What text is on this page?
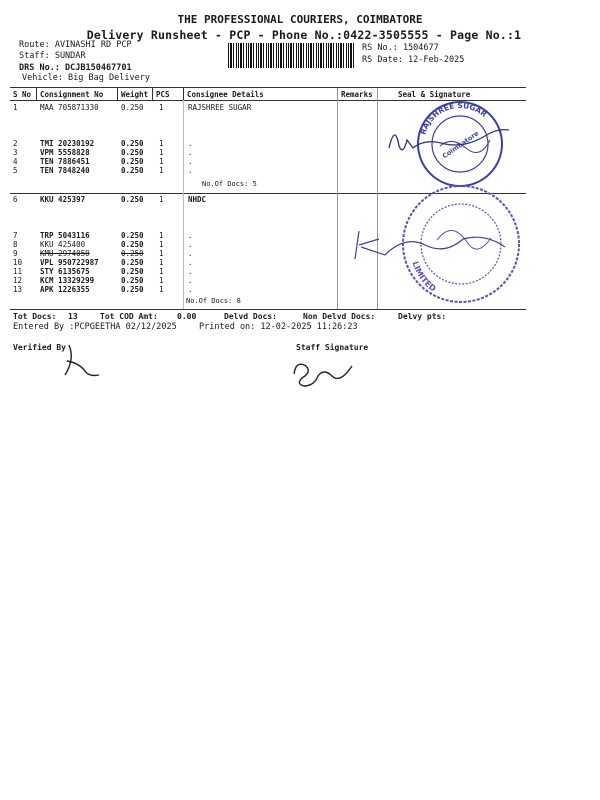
THE PROFESSIONAL COURIERS, COIMBATORE
Delivery Runsheet - PCP - Phone No.:0422-3505555 - Page No.:1
Route: AVINASHI RD PCP
Staff: SUNDAR
DRS No.: DCJB150467701
Vehicle: Big Bag Delivery
RS No.: 1504677
RS Date: 12-Feb-2025
S No Consignment No Weight PCS Consignee Details	Remarks	Seal & Signature
1	MAA 705871330	0.250 1	RAJSHREE SUGAR
2	TMI 20230192	0.250 1	.
3	VPM 5558828	0.250 1	.
4	TEN 7886451	0.250 1	.
5	TEN 7848240	0.250 1	.
No.Of Docs: 5
6	KKU 425397	0.250 1	NHDC
7	TRP 5043116	0.250 1	.
8	KKU 425400	0.250 1	.
9	KMU 2974050	0.250 1	.
10 VPL 950722987	0.250 1	.
11 STY 6135675	0.250 1	.
12 KCM 13329299	0.250 1	.
13 APK 1226355	0.250 1	.
No.Of Docs: 8
RAJSHREE SUGAR
Coimbatore
LIMITED
Tot Docs: 13	Tot COD Amt: 0.00	Delvd Docs:	Non Delvd Docs:	Delvy pts:
Entered By :PCPGEETHA 02/12/2025	Printed on: 12-02-2025 11:26:23
Verified By	Staff Signature
